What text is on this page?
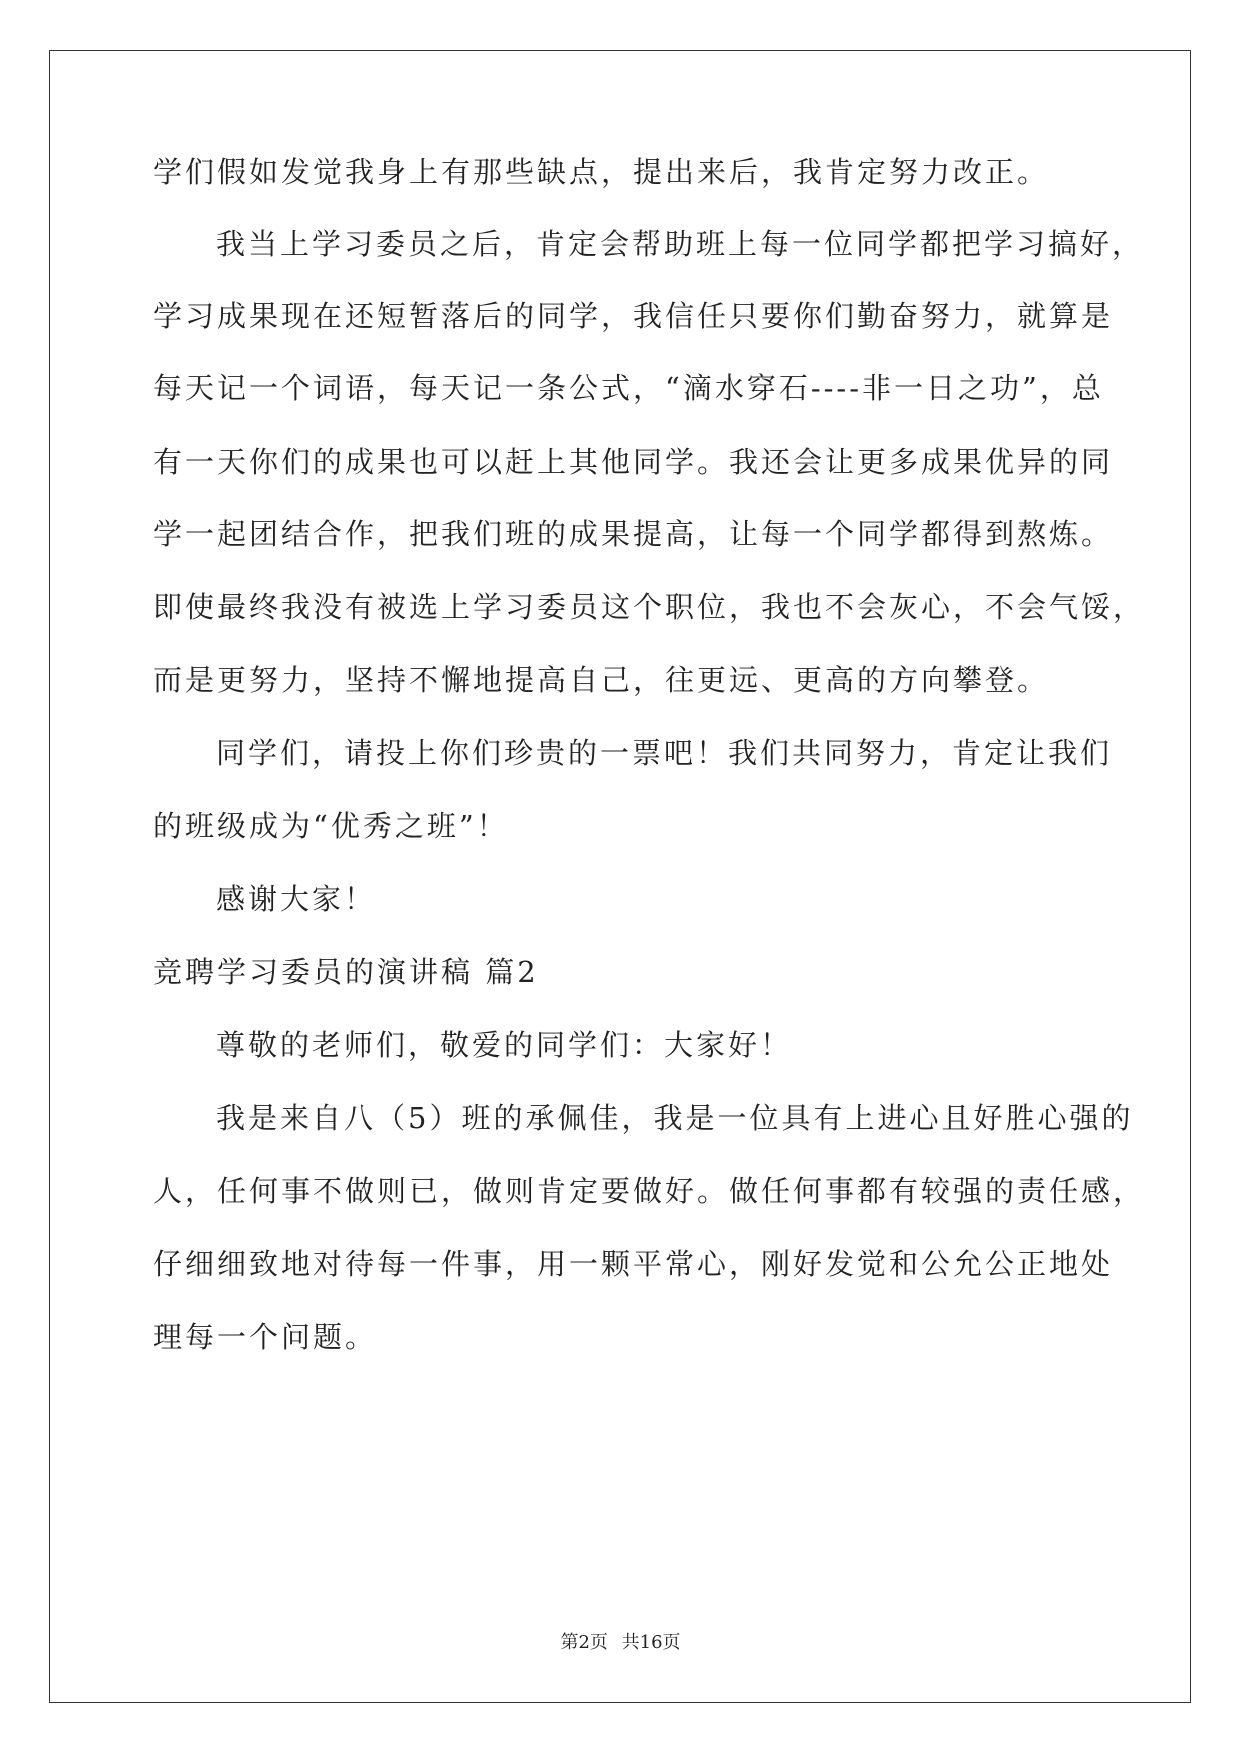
学们假如发觉我身上有那些缺点，提出来后，我肯定努力改正。
我当上学习委员之后，肯定会帮助班上每一位同学都把学习搞好，
学习成果现在还短暂落后的同学，我信任只要你们勤奋努力，就算是
每天记一个词语，每天记一条公式，“滴水穿石----非一日之功”，总
有一天你们的成果也可以赶上其他同学。我还会让更多成果优异的同
学一起团结合作，把我们班的成果提高，让每一个同学都得到熬炼。
即使最终我没有被选上学习委员这个职位，我也不会灰心，不会气馁，
而是更努力，坚持不懈地提高自己，往更远、更高的方向攀登。
同学们，请投上你们珍贵的一票吧！我们共同努力，肯定让我们
的班级成为“优秀之班”！
感谢大家！
竞聘学习委员的演讲稿 篇2
尊敬的老师们，敬爱的同学们：大家好！
我是来自八（5）班的承佩佳，我是一位具有上进心且好胜心强的
人，任何事不做则已，做则肯定要做好。做任何事都有较强的责任感，
仔细细致地对待每一件事，用一颗平常心，刚好发觉和公允公正地处
理每一个问题。
第2页 共16页
